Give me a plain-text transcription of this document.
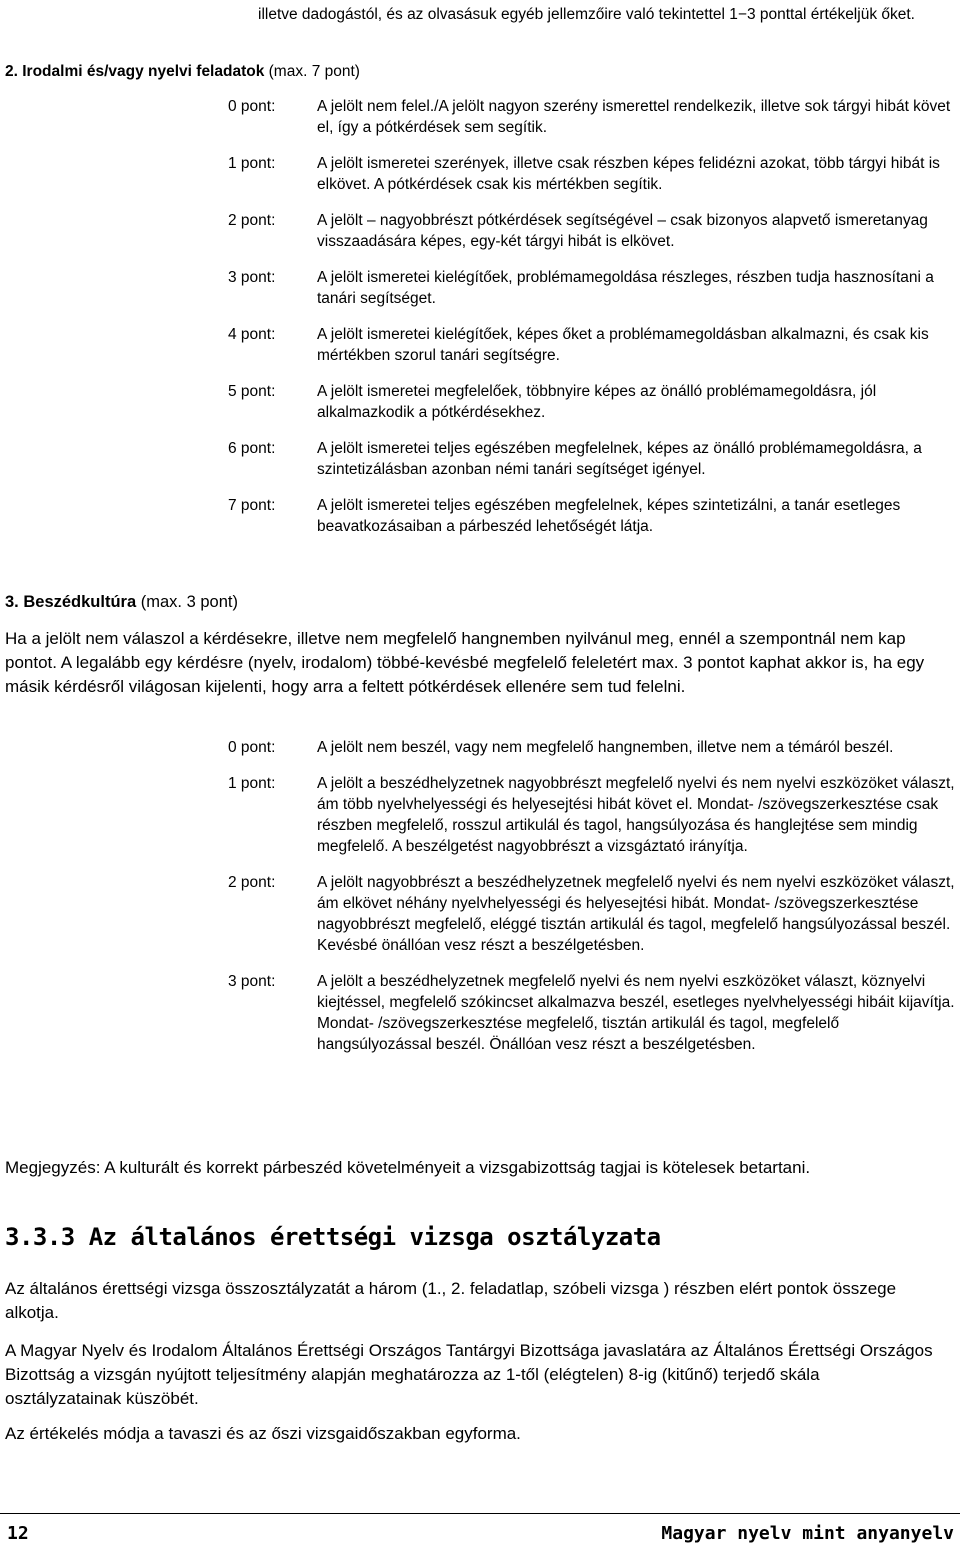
illetve dadogástól, és az olvasásuk egyéb jellemzőire való tekintettel 1−3 ponttal értékeljük őket.
2. Irodalmi és/vagy nyelvi feladatok (max. 7 pont)
0 pont:	A jelölt nem felel./A jelölt nagyon szerény ismerettel rendelkezik, illetve sok tárgyi hibát követ el, így a pótkérdések sem segítik.
1 pont:	A jelölt ismeretei szerények, illetve csak részben képes felidézni azokat, több tárgyi hibát is elkövet. A pótkérdések csak kis mértékben segítik.
2 pont:	A jelölt – nagyobbrészt pótkérdések segítségével – csak bizonyos alapvető ismeretanyag visszaadására képes, egy-két tárgyi hibát is elkövet.
3 pont:	A jelölt ismeretei kielégítőek, problémamegoldása részleges, részben tudja hasznosítani a tanári segítséget.
4 pont:	A jelölt ismeretei kielégítőek, képes őket a problémamegoldásban alkalmazni, és csak kis mértékben szorul tanári segítségre.
5 pont:	A jelölt ismeretei megfelelőek, többnyire képes az önálló problémamegoldásra, jól alkalmazkodik a pótkérdésekhez.
6 pont:	A jelölt ismeretei teljes egészében megfelelnek, képes az önálló problémamegoldásra, a szintetizálásban azonban némi tanári segítséget igényel.
7 pont:	A jelölt ismeretei teljes egészében megfelelnek, képes szintetizálni, a tanár esetleges beavatkozásaiban a párbeszéd lehetőségét látja.
3. Beszédkultúra (max. 3 pont)
Ha a jelölt nem válaszol a kérdésekre, illetve nem megfelelő hangnemben nyilvánul meg, ennél a szempontnál nem kap pontot. A legalább egy kérdésre (nyelv, irodalom) többé-kevésbé megfelelő feleletért max. 3 pontot kaphat akkor is, ha egy másik kérdésről világosan kijelenti, hogy arra a feltett pótkérdések ellenére sem tud felelni.
0 pont:	A jelölt nem beszél, vagy nem megfelelő hangnemben, illetve nem a témáról beszél.
1 pont:	A jelölt a beszédhelyzetnek nagyobbrészt megfelelő nyelvi és nem nyelvi eszközöket választ, ám több nyelvhelyességi és helyesejtési hibát követ el. Mondat- /szövegszerkesztése csak részben megfelelő, rosszul artikulál és tagol, hangsúlyozása és hanglejtése sem mindig megfelelő. A beszélgetést nagyobbrészt a vizsgáztató irányítja.
2 pont:	A jelölt nagyobbrészt a beszédhelyzetnek megfelelő nyelvi és nem nyelvi eszközöket választ, ám elkövet néhány nyelvhelyességi és helyesejtési hibát. Mondat- /szövegszerkesztése nagyobbrészt megfelelő, eléggé tisztán artikulál és tagol, megfelelő hangsúlyozással beszél. Kevésbé önállóan vesz részt a beszélgetésben.
3 pont:	A jelölt a beszédhelyzetnek megfelelő nyelvi és nem nyelvi eszközöket választ, köznyelvi kiejtéssel, megfelelő szókincset alkalmazva beszél, esetleges nyelvhelyességi hibáit kijavítja. Mondat- /szövegszerkesztése megfelelő, tisztán artikulál és tagol, megfelelő hangsúlyozással beszél. Önállóan vesz részt a beszélgetésben.
Megjegyzés: A kulturált és korrekt párbeszéd követelményeit a vizsgabizottság tagjai is kötelesek betartani.
3.3.3 Az általános érettségi vizsga osztályzata
Az általános érettségi vizsga összosztályzatát a három (1., 2. feladatlap, szóbeli vizsga ) részben elért pontok összege alkotja.
A Magyar Nyelv és Irodalom Általános Érettségi Országos Tantárgyi Bizottsága javaslatára az Általános Érettségi Országos Bizottság a vizsgán nyújtott teljesítmény alapján meghatározza az 1-től (elégtelen) 8-ig (kitűnő) terjedő skála osztályzatainak küszöbét.
Az értékelés módja a tavaszi és az őszi vizsgaidőszakban egyforma.
12	Magyar nyelv mint anyanyelv
